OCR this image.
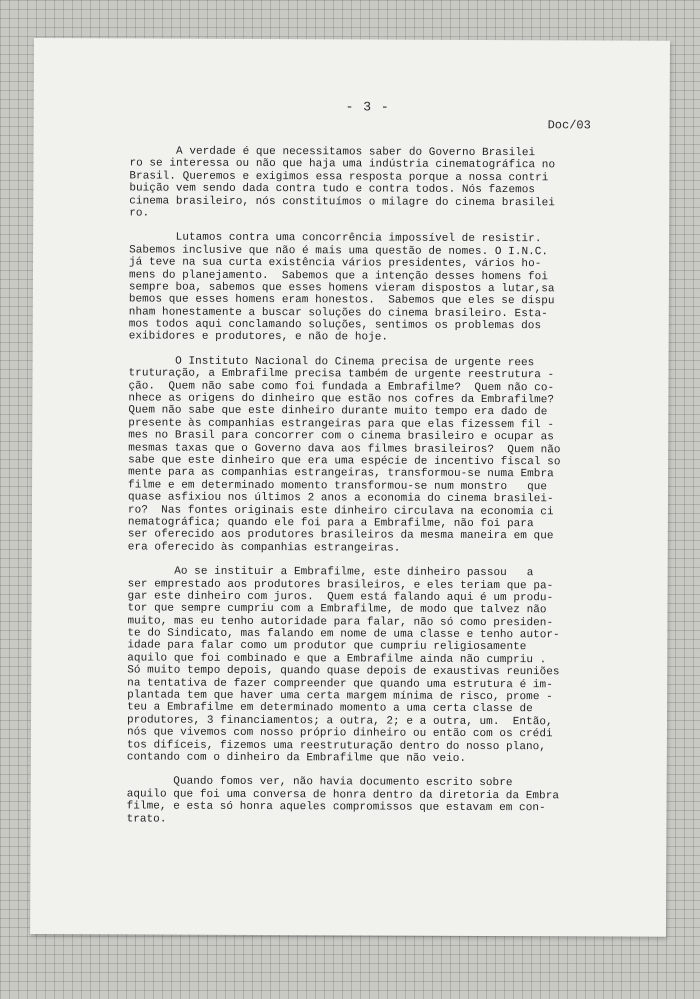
- 3 -
Doc/03
A verdade é que necessitamos saber do Governo Brasilei
ro se interessa ou não que haja uma indústria cinematográfica no
Brasil. Queremos e exigimos essa resposta porque a nossa contri
buição vem sendo dada contra tudo e contra todos. Nós fazemos
cinema brasileiro, nós constituímos o milagre do cinema brasilei
ro.
Lutamos contra uma concorrência impossível de resistir.
Sabemos inclusive que não é mais uma questão de nomes. O I.N.C.
já teve na sua curta existência vários presidentes, vários ho-
mens do planejamento.  Sabemos que a intenção desses homens foi
sempre boa, sabemos que esses homens vieram dispostos a lutar,sa
bemos que esses homens eram honestos.  Sabemos que eles se dispu
nham honestamente a buscar soluções do cinema brasileiro. Esta-
mos todos aqui conclamando soluções, sentimos os problemas dos
exibidores e produtores, e não de hoje.
O Instituto Nacional do Cinema precisa de urgente rees
truturação, a Embrafilme precisa também de urgente reestrutura -
ção.  Quem não sabe como foi fundada a Embrafilme?  Quem não co-
nhece as origens do dinheiro que estão nos cofres da Embrafilme?
Quem não sabe que este dinheiro durante muito tempo era dado de
presente às companhias estrangeiras para que elas fizessem fil -
mes no Brasil para concorrer com o cinema brasileiro e ocupar as
mesmas taxas que o Governo dava aos filmes brasileiros?  Quem não
sabe que este dinheiro que era uma espécie de incentivo fiscal so
mente para as companhias estrangeiras, transformou-se numa Embra
filme e em determinado momento transformou-se num monstro   que
quase asfixiou nos últimos 2 anos a economia do cinema brasilei-
ro?  Nas fontes originais este dinheiro circulava na economia ci
nematográfica; quando ele foi para a Embrafilme, não foi para
ser oferecido aos produtores brasileiros da mesma maneira em que
era oferecido às companhias estrangeiras.
Ao se instituir a Embrafilme, este dinheiro passou   a
ser emprestado aos produtores brasileiros, e eles teriam que pa-
gar este dinheiro com juros.  Quem está falando aqui é um produ-
tor que sempre cumpriu com a Embrafilme, de modo que talvez não
muito, mas eu tenho autoridade para falar, não só como presiden-
te do Sindicato, mas falando em nome de uma classe e tenho autor-
idade para falar como um produtor que cumpriu religiosamente
aquilo que foi combinado e que a Embrafilme ainda não cumpriu .
Só muito tempo depois, quando quase depois de exaustivas reuniões
na tentativa de fazer compreender que quando uma estrutura é im-
plantada tem que haver uma certa margem mínima de risco, prome -
teu a Embrafilme em determinado momento a uma certa classe de
produtores, 3 financiamentos; a outra, 2; e a outra, um.  Então,
nós que vivemos com nosso próprio dinheiro ou então com os crédi
tos difíceis, fizemos uma reestruturação dentro do nosso plano,
contando com o dinheiro da Embrafilme que não veio.
Quando fomos ver, não havia documento escrito sobre
aquilo que foi uma conversa de honra dentro da diretoria da Embra
filme, e esta só honra aqueles compromissos que estavam em con-
trato.
